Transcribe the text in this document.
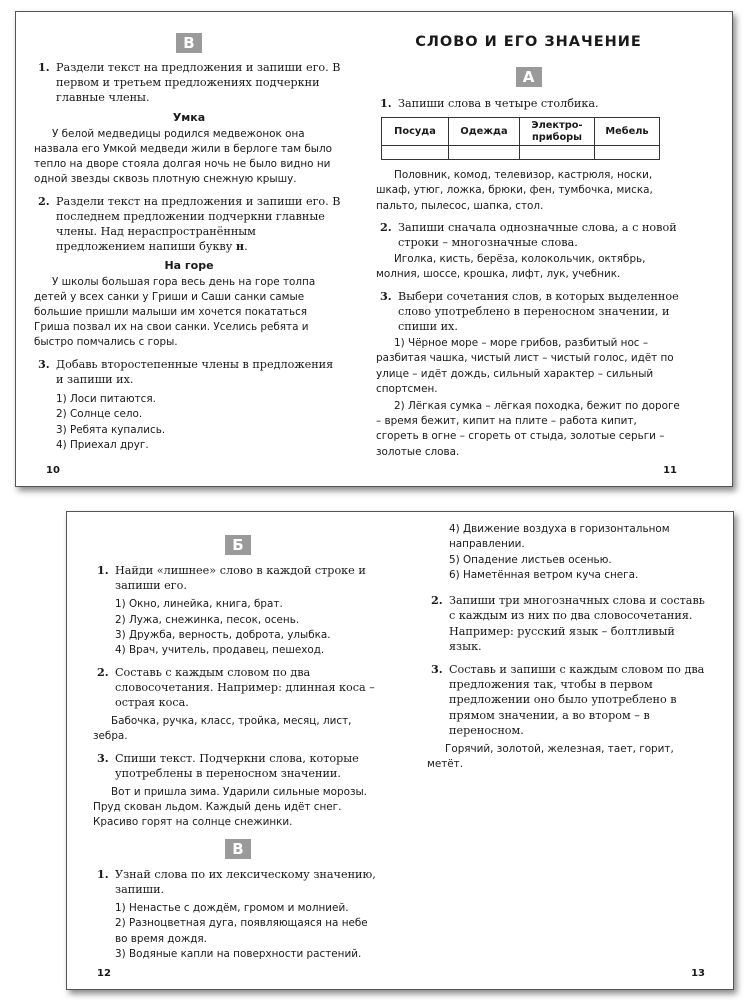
В

1. Раздели текст на предложения и запиши его. В первом и третьем предложениях подчеркни главные члены.

Умка

У белой медведицы родился медвежонок она назвала его Умкой медведи жили в берлоге там было тепло на дворе стояла долгая ночь не было видно ни одной звезды сквозь плотную снежную крышу.

2. Раздели текст на предложения и запиши его. В последнем предложении подчеркни главные члены. Над нераспространённым предложением напиши букву н.

На горе

У школы большая гора весь день на горе толпа детей у всех санки у Гриши и Саши санки самые большие пришли малыши им хочется покататься Гриша позвал их на свои санки. Уселись ребята и быстро помчались с горы.

3. Добавь второстепенные члены в предложения и запиши их.

1) Лоси питаются.
2) Солнце село.
3) Ребята купались.
4) Приехал друг.
10

СЛОВО И ЕГО ЗНАЧЕНИЕ

А

1. Запиши слова в четыре столбика.

Посуда	Одежда	Электро-приборы	Мебель

Половник, комод, телевизор, кастрюля, носки, шкаф, утюг, ложка, брюки, фен, тумбочка, миска, пальто, пылесос, шапка, стол.

2. Запиши сначала однозначные слова, а с новой строки – многозначные слова.

Иголка, кисть, берёза, колокольчик, октябрь, молния, шоссе, крошка, лифт, лук, учебник.

3. Выбери сочетания слов, в которых выделенное слово употреблено в переносном значении, и спиши их.

1) Чёрное море – море грибов, разбитый нос – разбитая чашка, чистый лист – чистый голос, идёт по улице – идёт дождь, сильный характер – сильный спортсмен.

2) Лёгкая сумка – лёгкая походка, бежит по дороге – время бежит, кипит на плите – работа кипит, сгореть в огне – сгореть от стыда, золотые серьги – золотые слова.

11
Б

1. Найди «лишнее» слово в каждой строке и запиши его.

1) Окно, линейка, книга, брат.
2) Лужа, снежинка, песок, осень.
3) Дружба, верность, доброта, улыбка.
4) Врач, учитель, продавец, пешеход.

2. Составь с каждым словом по два словосочетания. Например: длинная коса – острая коса.

Бабочка, ручка, класс, тройка, месяц, лист, зебра.

3. Спиши текст. Подчеркни слова, которые употреблены в переносном значении.

Вот и пришла зима. Ударили сильные морозы. Пруд скован льдом. Каждый день идёт снег. Красиво горят на солнце снежинки.

В

1. Узнай слова по их лексическому значению, запиши.

1) Ненастье с дождём, громом и молнией.
2) Разноцветная дуга, появляющаяся на небе во время дождя.
3) Водяные капли на поверхности растений.
12
4) Движение воздуха в горизонтальном направлении.
5) Опадение листьев осенью.
6) Наметённая ветром куча снега.

2. Запиши три многозначных слова и составь с каждым из них по два словосочетания. Например: русский язык – болтливый язык.

3. Составь и запиши с каждым словом по два предложения так, чтобы в первом предложении оно было употреблено в прямом значении, а во втором – в переносном.

Горячий, золотой, железная, тает, горит, метёт.

13
